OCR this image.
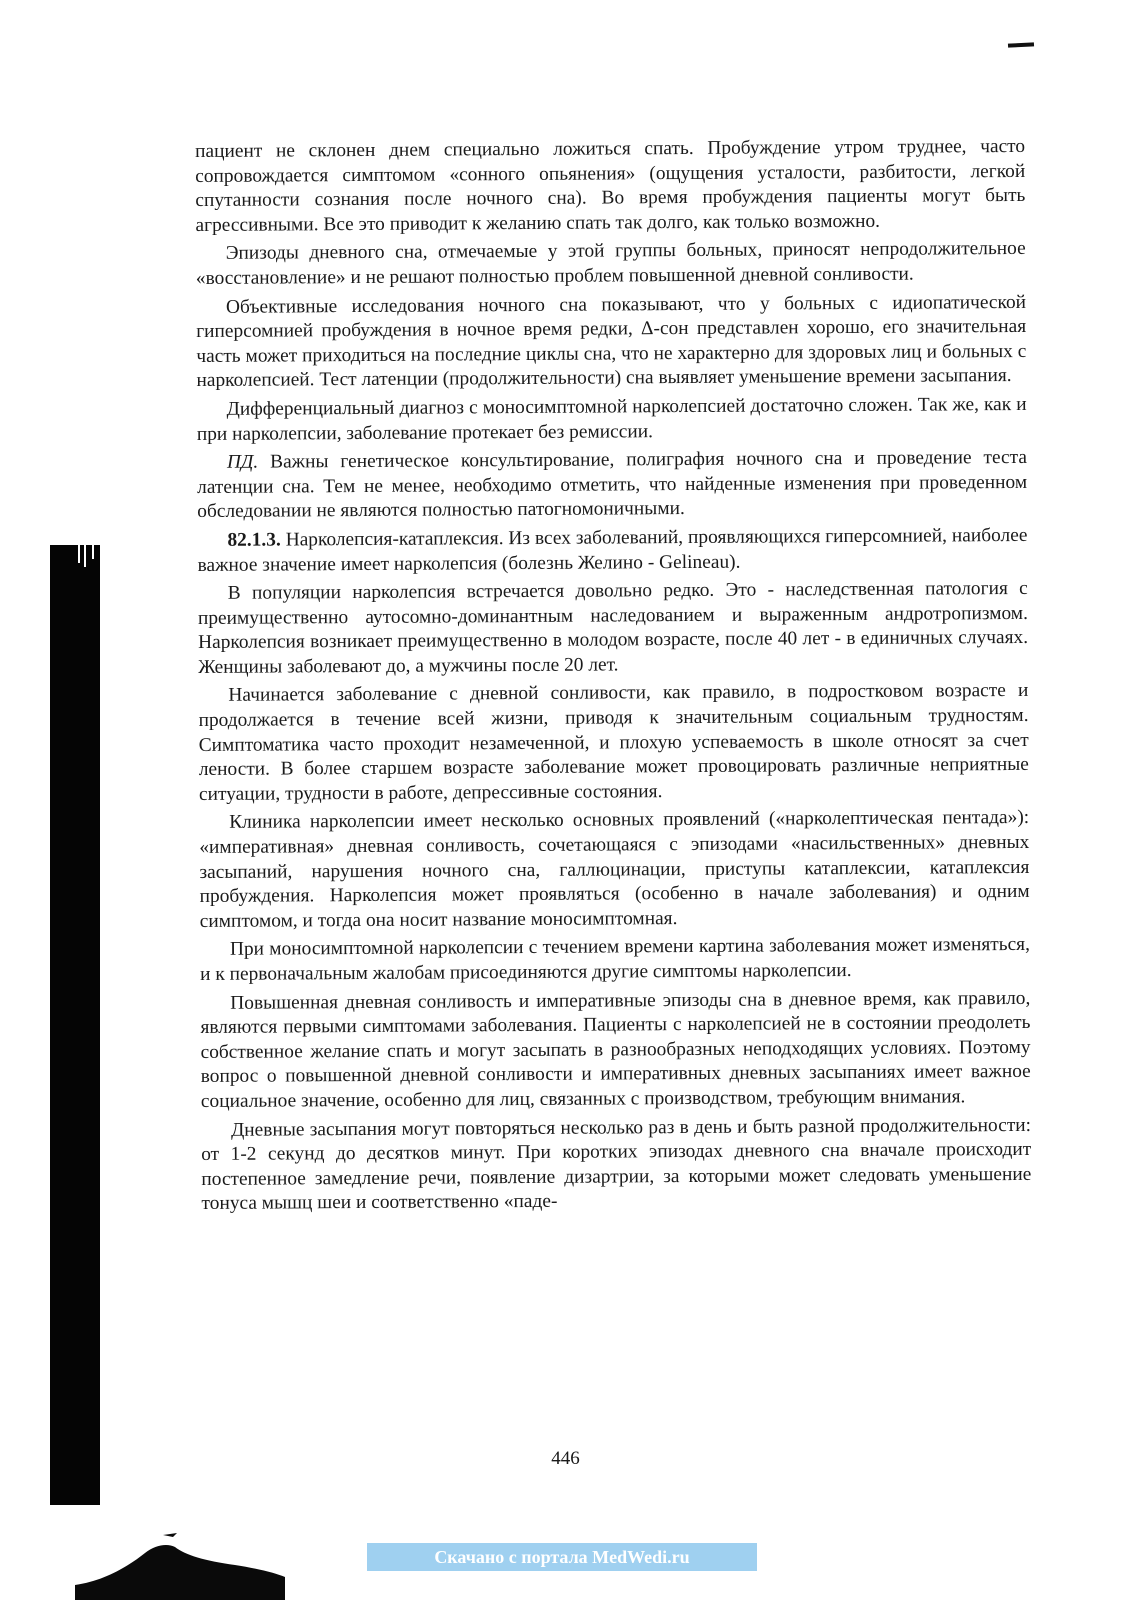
пациент не склонен днем специально ложиться спать. Пробуждение утром труднее, часто сопровождается симптомом «сонного опьянения» (ощущения усталости, разбитости, легкой спутанности сознания после ночного сна). Во время пробуждения пациенты могут быть агрессивными. Все это приводит к желанию спать так долго, как только возможно.

Эпизоды дневного сна, отмечаемые у этой группы больных, приносят непродолжительное «восстановление» и не решают полностью проблем повышенной дневной сонливости.

Объективные исследования ночного сна показывают, что у больных с идиопатической гиперсомнией пробуждения в ночное время редки, Δ-сон представлен хорошо, его значительная часть может приходиться на последние циклы сна, что не характерно для здоровых лиц и больных с нарколепсией. Тест латенции (продолжительности) сна выявляет уменьшение времени засыпания.

Дифференциальный диагноз с моносимптомной нарколепсией достаточно сложен. Так же, как и при нарколепсии, заболевание протекает без ремиссии.

ПД. Важны генетическое консультирование, полиграфия ночного сна и проведение теста латенции сна. Тем не менее, необходимо отметить, что найденные изменения при проведенном обследовании не являются полностью патогномоничными.

82.1.3. Нарколепсия-катаплексия. Из всех заболеваний, проявляющихся гиперсомнией, наиболее важное значение имеет нарколепсия (болезнь Желино - Gelineau).

В популяции нарколепсия встречается довольно редко. Это - наследственная патология с преимущественно аутосомно-доминантным наследованием и выраженным андротропизмом. Нарколепсия возникает преимущественно в молодом возрасте, после 40 лет - в единичных случаях. Женщины заболевают до, а мужчины после 20 лет.

Начинается заболевание с дневной сонливости, как правило, в подростковом возрасте и продолжается в течение всей жизни, приводя к значительным социальным трудностям. Симптоматика часто проходит незамеченной, и плохую успеваемость в школе относят за счет лености. В более старшем возрасте заболевание может провоцировать различные неприятные ситуации, трудности в работе, депрессивные состояния.

Клиника нарколепсии имеет несколько основных проявлений («нарколептическая пентада»): «императивная» дневная сонливость, сочетающаяся с эпизодами «насильственных» дневных засыпаний, нарушения ночного сна, галлюцинации, приступы катаплексии, катаплексия пробуждения. Нарколепсия может проявляться (особенно в начале заболевания) и одним симптомом, и тогда она носит название моносимптомная.

При моносимптомной нарколепсии с течением времени картина заболевания может изменяться, и к первоначальным жалобам присоединяются другие симптомы нарколепсии.

Повышенная дневная сонливость и императивные эпизоды сна в дневное время, как правило, являются первыми симптомами заболевания. Пациенты с нарколепсией не в состоянии преодолеть собственное желание спать и могут засыпать в разнообразных неподходящих условиях. Поэтому вопрос о повышенной дневной сонливости и императивных дневных засыпаниях имеет важное социальное значение, особенно для лиц, связанных с производством, требующим внимания.

Дневные засыпания могут повторяться несколько раз в день и быть разной продолжительности: от 1-2 секунд до десятков минут. При коротких эпизодах дневного сна вначале происходит постепенное замедление речи, появление дизартрии, за которыми может следовать уменьшение тонуса мышц шеи и соответственно «паде-

446
Скачано с портала MedWedi.ru
